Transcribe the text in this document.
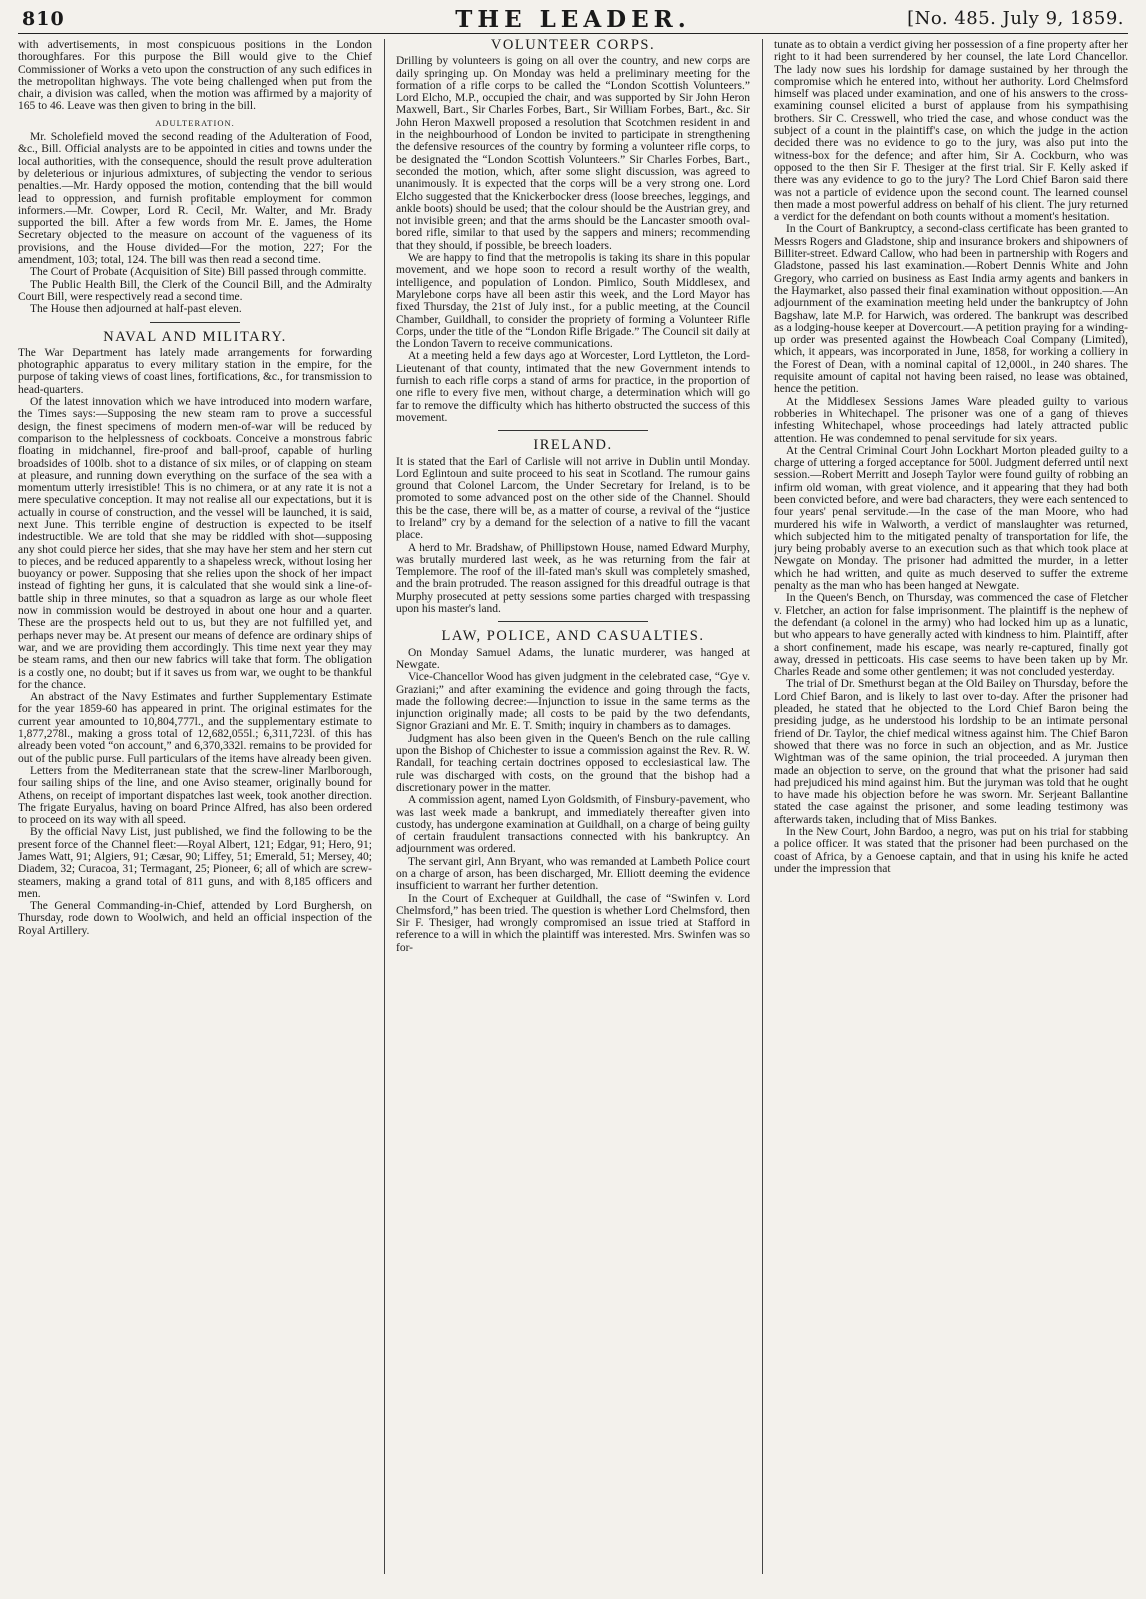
810	THE LEADER.	[No. 485. July 9, 1859.

with advertisements, in most conspicuous positions in the London thoroughfares. For this purpose the Bill would give to the Chief Commissioner of Works a veto upon the construction of any such edifices in the metropolitan highways. The vote being challenged when put from the chair, a division was called, when the motion was affirmed by a majority of 165 to 46. Leave was then given to bring in the bill.

ADULTERATION.

Mr. Scholefield moved the second reading of the Adulteration of Food, &c., Bill. Official analysts are to be appointed in cities and towns under the local authorities, with the consequence, should the result prove adulteration by deleterious or injurious admixtures, of subjecting the vendor to serious penalties.—Mr. Hardy opposed the motion, contending that the bill would lead to oppression, and furnish profitable employment for common informers.—Mr. Cowper, Lord R. Cecil, Mr. Walter, and Mr. Brady supported the bill. After a few words from Mr. E. James, the Home Secretary objected to the measure on account of the vagueness of its provisions, and the House divided—For the motion, 227; For the amendment, 103; total, 124. The bill was then read a second time.

The Court of Probate (Acquisition of Site) Bill passed through committe.

The Public Health Bill, the Clerk of the Council Bill, and the Admiralty Court Bill, were respectively read a second time.

The House then adjourned at half-past eleven.

NAVAL AND MILITARY.

The War Department has lately made arrangements for forwarding photographic apparatus to every military station in the empire, for the purpose of taking views of coast lines, fortifications, &c., for transmission to head-quarters.

Of the latest innovation which we have introduced into modern warfare, the Times says:—Supposing the new steam ram to prove a successful design, the finest specimens of modern men-of-war will be reduced by comparison to the helplessness of cockboats. Conceive a monstrous fabric floating in midchannel, fire-proof and ball-proof, capable of hurling broadsides of 100lb. shot to a distance of six miles, or of clapping on steam at pleasure, and running down everything on the surface of the sea with a momentum utterly irresistible! This is no chimera, or at any rate it is not a mere speculative conception. It may not realise all our expectations, but it is actually in course of construction, and the vessel will be launched, it is said, next June. This terrible engine of destruction is expected to be itself indestructible. We are told that she may be riddled with shot—supposing any shot could pierce her sides, that she may have her stem and her stern cut to pieces, and be reduced apparently to a shapeless wreck, without losing her buoyancy or power. Supposing that she relies upon the shock of her impact instead of fighting her guns, it is calculated that she would sink a line-of-battle ship in three minutes, so that a squadron as large as our whole fleet now in commission would be destroyed in about one hour and a quarter. These are the prospects held out to us, but they are not fulfilled yet, and perhaps never may be. At present our means of defence are ordinary ships of war, and we are providing them accordingly. This time next year they may be steam rams, and then our new fabrics will take that form. The obligation is a costly one, no doubt; but if it saves us from war, we ought to be thankful for the chance.

An abstract of the Navy Estimates and further Supplementary Estimate for the year 1859-60 has appeared in print. The original estimates for the current year amounted to 10,804,777l., and the supplementary estimate to 1,877,278l., making a gross total of 12,682,055l.; 6,311,723l. of this has already been voted “on account,” and 6,370,332l. remains to be provided for out of the public purse. Full particulars of the items have already been given.

Letters from the Mediterranean state that the screw-liner Marlborough, four sailing ships of the line, and one Aviso steamer, originally bound for Athens, on receipt of important dispatches last week, took another direction. The frigate Euryalus, having on board Prince Alfred, has also been ordered to proceed on its way with all speed.

By the official Navy List, just published, we find the following to be the present force of the Channel fleet:—Royal Albert, 121; Edgar, 91; Hero, 91; James Watt, 91; Algiers, 91; Cæsar, 90; Liffey, 51; Emerald, 51; Mersey, 40; Diadem, 32; Curacoa, 31; Termagant, 25; Pioneer, 6; all of which are screw-steamers, making a grand total of 811 guns, and with 8,185 officers and men.

The General Commanding-in-Chief, attended by Lord Burghersh, on Thursday, rode down to Woolwich, and held an official inspection of the Royal Artillery.

VOLUNTEER CORPS.

Drilling by volunteers is going on all over the country, and new corps are daily springing up. On Monday was held a preliminary meeting for the formation of a rifle corps to be called the “London Scottish Volunteers.” Lord Elcho, M.P., occupied the chair, and was supported by Sir John Heron Maxwell, Bart., Sir Charles Forbes, Bart., Sir William Forbes, Bart., &c. Sir John Heron Maxwell proposed a resolution that Scotchmen resident in and in the neighbourhood of London be invited to participate in strengthening the defensive resources of the country by forming a volunteer rifle corps, to be designated the “London Scottish Volunteers.” Sir Charles Forbes, Bart., seconded the motion, which, after some slight discussion, was agreed to unanimously. It is expected that the corps will be a very strong one. Lord Elcho suggested that the Knickerbocker dress (loose breeches, leggings, and ankle boots) should be used; that the colour should be the Austrian grey, and not invisible green; and that the arms should be the Lancaster smooth oval-bored rifle, similar to that used by the sappers and miners; recommending that they should, if possible, be breech loaders.

We are happy to find that the metropolis is taking its share in this popular movement, and we hope soon to record a result worthy of the wealth, intelligence, and population of London. Pimlico, South Middlesex, and Marylebone corps have all been astir this week, and the Lord Mayor has fixed Thursday, the 21st of July inst., for a public meeting, at the Council Chamber, Guildhall, to consider the propriety of forming a Volunteer Rifle Corps, under the title of the “London Rifle Brigade.” The Council sit daily at the London Tavern to receive communications.

At a meeting held a few days ago at Worcester, Lord Lyttleton, the Lord-Lieutenant of that county, intimated that the new Government intends to furnish to each rifle corps a stand of arms for practice, in the proportion of one rifle to every five men, without charge, a determination which will go far to remove the difficulty which has hitherto obstructed the success of this movement.

IRELAND.

It is stated that the Earl of Carlisle will not arrive in Dublin until Monday. Lord Eglintoun and suite proceed to his seat in Scotland. The rumour gains ground that Colonel Larcom, the Under Secretary for Ireland, is to be promoted to some advanced post on the other side of the Channel. Should this be the case, there will be, as a matter of course, a revival of the “justice to Ireland” cry by a demand for the selection of a native to fill the vacant place.

A herd to Mr. Bradshaw, of Phillipstown House, named Edward Murphy, was brutally murdered last week, as he was returning from the fair at Templemore. The roof of the ill-fated man's skull was completely smashed, and the brain protruded. The reason assigned for this dreadful outrage is that Murphy prosecuted at petty sessions some parties charged with trespassing upon his master's land.

LAW, POLICE, AND CASUALTIES.

On Monday Samuel Adams, the lunatic murderer, was hanged at Newgate.

Vice-Chancellor Wood has given judgment in the celebrated case, “Gye v. Graziani;” and after examining the evidence and going through the facts, made the following decree:—Injunction to issue in the same terms as the injunction originally made; all costs to be paid by the two defendants, Signor Graziani and Mr. E. T. Smith; inquiry in chambers as to damages.

Judgment has also been given in the Queen's Bench on the rule calling upon the Bishop of Chichester to issue a commission against the Rev. R. W. Randall, for teaching certain doctrines opposed to ecclesiastical law. The rule was discharged with costs, on the ground that the bishop had a discretionary power in the matter.

A commission agent, named Lyon Goldsmith, of Finsbury-pavement, who was last week made a bankrupt, and immediately thereafter given into custody, has undergone examination at Guildhall, on a charge of being guilty of certain fraudulent transactions connected with his bankruptcy. An adjournment was ordered.

The servant girl, Ann Bryant, who was remanded at Lambeth Police court on a charge of arson, has been discharged, Mr. Elliott deeming the evidence insufficient to warrant her further detention.

In the Court of Exchequer at Guildhall, the case of “Swinfen v. Lord Chelmsford,” has been tried. The question is whether Lord Chelmsford, then Sir F. Thesiger, had wrongly compromised an issue tried at Stafford in reference to a will in which the plaintiff was interested. Mrs. Swinfen was so for-

tunate as to obtain a verdict giving her possession of a fine property after her right to it had been surrendered by her counsel, the late Lord Chancellor. The lady now sues his lordship for damage sustained by her through the compromise which he entered into, without her authority. Lord Chelmsford himself was placed under examination, and one of his answers to the cross-examining counsel elicited a burst of applause from his sympathising brothers. Sir C. Cresswell, who tried the case, and whose conduct was the subject of a count in the plaintiff's case, on which the judge in the action decided there was no evidence to go to the jury, was also put into the witness-box for the defence; and after him, Sir A. Cockburn, who was opposed to the then Sir F. Thesiger at the first trial. Sir F. Kelly asked if there was any evidence to go to the jury? The Lord Chief Baron said there was not a particle of evidence upon the second count. The learned counsel then made a most powerful address on behalf of his client. The jury returned a verdict for the defendant on both counts without a moment's hesitation.

In the Court of Bankruptcy, a second-class certificate has been granted to Messrs Rogers and Gladstone, ship and insurance brokers and shipowners of Billiter-street. Edward Callow, who had been in partnership with Rogers and Gladstone, passed his last examination.—Robert Dennis White and John Gregory, who carried on business as East India army agents and bankers in the Haymarket, also passed their final examination without opposition.—An adjournment of the examination meeting held under the bankruptcy of John Bagshaw, late M.P. for Harwich, was ordered. The bankrupt was described as a lodging-house keeper at Dovercourt.—A petition praying for a winding-up order was presented against the Howbeach Coal Company (Limited), which, it appears, was incorporated in June, 1858, for working a colliery in the Forest of Dean, with a nominal capital of 12,000l., in 240 shares. The requisite amount of capital not having been raised, no lease was obtained, hence the petition.

At the Middlesex Sessions James Ware pleaded guilty to various robberies in Whitechapel. The prisoner was one of a gang of thieves infesting Whitechapel, whose proceedings had lately attracted public attention. He was condemned to penal servitude for six years.

At the Central Criminal Court John Lockhart Morton pleaded guilty to a charge of uttering a forged acceptance for 500l. Judgment deferred until next session.—Robert Merritt and Joseph Taylor were found guilty of robbing an infirm old woman, with great violence, and it appearing that they had both been convicted before, and were bad characters, they were each sentenced to four years' penal servitude.—In the case of the man Moore, who had murdered his wife in Walworth, a verdict of manslaughter was returned, which subjected him to the mitigated penalty of transportation for life, the jury being probably averse to an execution such as that which took place at Newgate on Monday. The prisoner had admitted the murder, in a letter which he had written, and quite as much deserved to suffer the extreme penalty as the man who has been hanged at Newgate.

In the Queen's Bench, on Thursday, was commenced the case of Fletcher v. Fletcher, an action for false imprisonment. The plaintiff is the nephew of the defendant (a colonel in the army) who had locked him up as a lunatic, but who appears to have generally acted with kindness to him. Plaintiff, after a short confinement, made his escape, was nearly re-captured, finally got away, dressed in petticoats. His case seems to have been taken up by Mr. Charles Reade and some other gentlemen; it was not concluded yesterday.

The trial of Dr. Smethurst began at the Old Bailey on Thursday, before the Lord Chief Baron, and is likely to last over to-day. After the prisoner had pleaded, he stated that he objected to the Lord Chief Baron being the presiding judge, as he understood his lordship to be an intimate personal friend of Dr. Taylor, the chief medical witness against him. The Chief Baron showed that there was no force in such an objection, and as Mr. Justice Wightman was of the same opinion, the trial proceeded. A juryman then made an objection to serve, on the ground that what the prisoner had said had prejudiced his mind against him. But the juryman was told that he ought to have made his objection before he was sworn. Mr. Serjeant Ballantine stated the case against the prisoner, and some leading testimony was afterwards taken, including that of Miss Bankes.

In the New Court, John Bardoo, a negro, was put on his trial for stabbing a police officer. It was stated that the prisoner had been purchased on the coast of Africa, by a Genoese captain, and that in using his knife he acted under the impression that
